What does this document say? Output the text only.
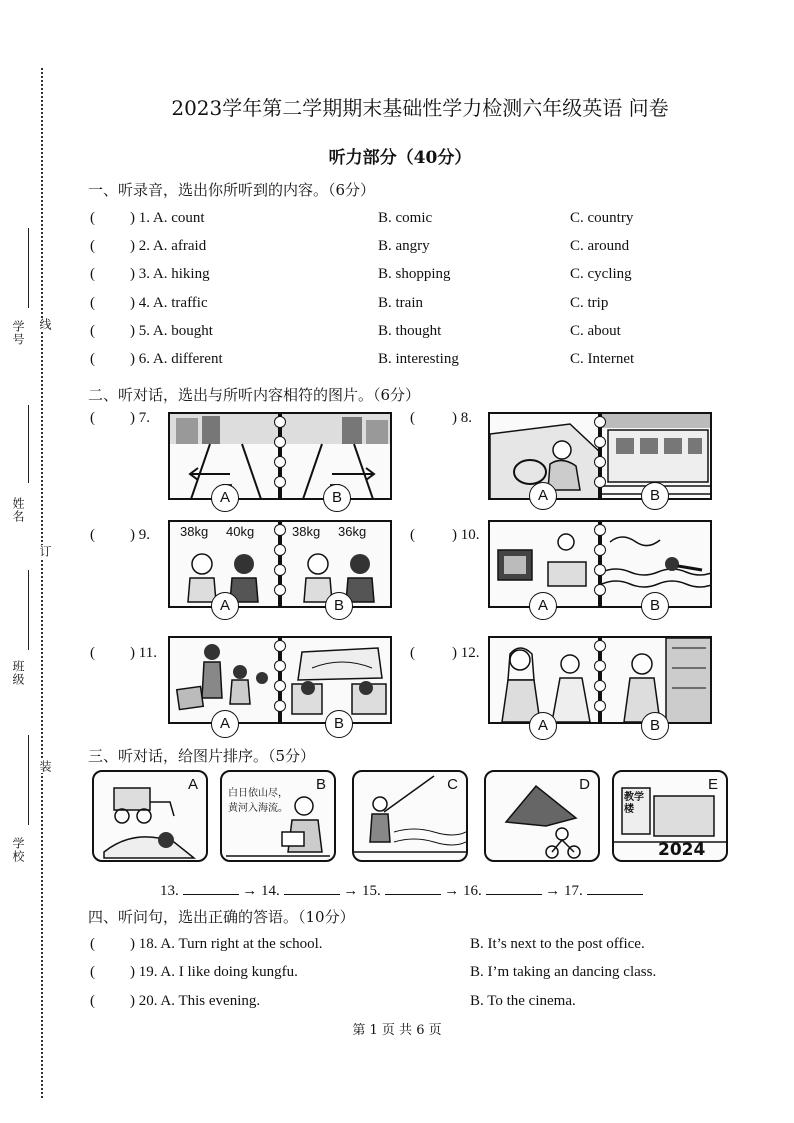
学号
姓名
班级
学校
线
订
装
2023学年第二学期期末基础性学力检测六年级英语 问卷
听力部分（40分）
一、听录音，选出你所听到的内容。（6分）
( ) 1. A. count	B. comic	C. country
( ) 2. A. afraid	B. angry	C. around
( ) 3. A. hiking	B. shopping	C. cycling
( ) 4. A. traffic	B. train	C. trip
( ) 5. A. bought	B. thought	C. about
( ) 6. A. different	B. interesting	C. Internet
二、听对话，选出与所听内容相符的图片。（6分）
( ) 7.
A	B
( ) 8.
A	B
( ) 9. 38kg 40kg	38kg 36kg
A	B
( ) 10.
A	B
( ) 11.
A	B
( ) 12.
A	B
三、听对话，给图片排序。（5分）
A	B
白日依山尽，黄河入海流。
C	D	E
教学楼
2024
13.	→ 14.	→ 15.	→ 16.	→ 17.
四、听问句，选出正确的答语。（10分）
( ) 18. A. Turn right at the school.	B. It’s next to the post office.
( ) 19. A. I like doing kungfu.	B. I’m taking an dancing class.
( ) 20. A. This evening.	B. To the cinema.
第 1 页 共 6 页
